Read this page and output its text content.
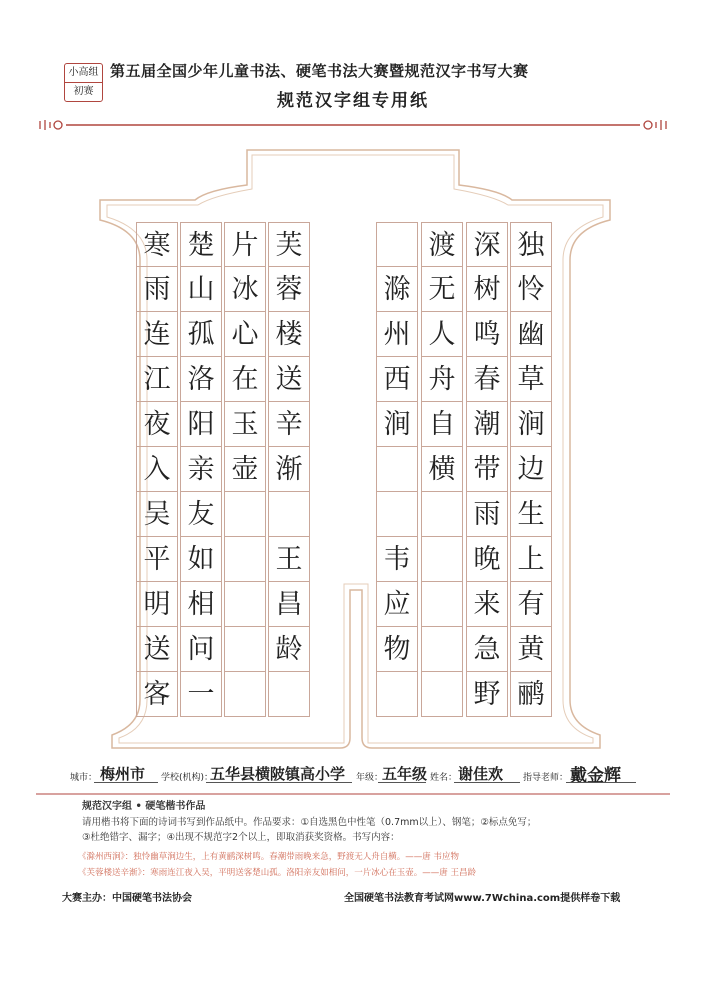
小高组
初赛
第五届全国少年儿童书法、硬笔书法大赛暨规范汉字书写大赛
规范汉字组专用纸
独
怜
幽
草
涧
边
生
上
有
黄
鹂
深
树
鸣
春
潮
带
雨
晚
来
急
野
渡
无
人
舟
自
横
滁
州
西
涧
韦
应
物
芙
蓉
楼
送
辛
渐
王
昌
龄
片
冰
心
在
玉
壶
楚
山
孤
洛
阳
亲
友
如
相
问
一
寒
雨
连
江
夜
入
吴
平
明
送
客
城市： 梅州市 学校(机构)：
五华县横陂镇高小学 年级：
五年级 姓名： 谢佳欢 指导老师： 戴金辉
规范汉字组 • 硬笔楷书作品
请用楷书将下面的诗词书写到作品纸中。作品要求：①自选黑色中性笔（0.7mm以上）、钢笔；②标点免写；
③杜绝错字、漏字；④出现不规范字2个以上，即取消获奖资格。书写内容：
《滁州西涧》：独怜幽草涧边生，上有黄鹂深树鸣。春潮带雨晚来急，野渡无人舟自横。——唐 韦应物
《芙蓉楼送辛渐》：寒雨连江夜入吴，平明送客楚山孤。洛阳亲友如相问，一片冰心在玉壶。——唐 王昌龄
大赛主办：中国硬笔书法协会	全国硬笔书法教育考试网www.7Wchina.com提供样卷下载
